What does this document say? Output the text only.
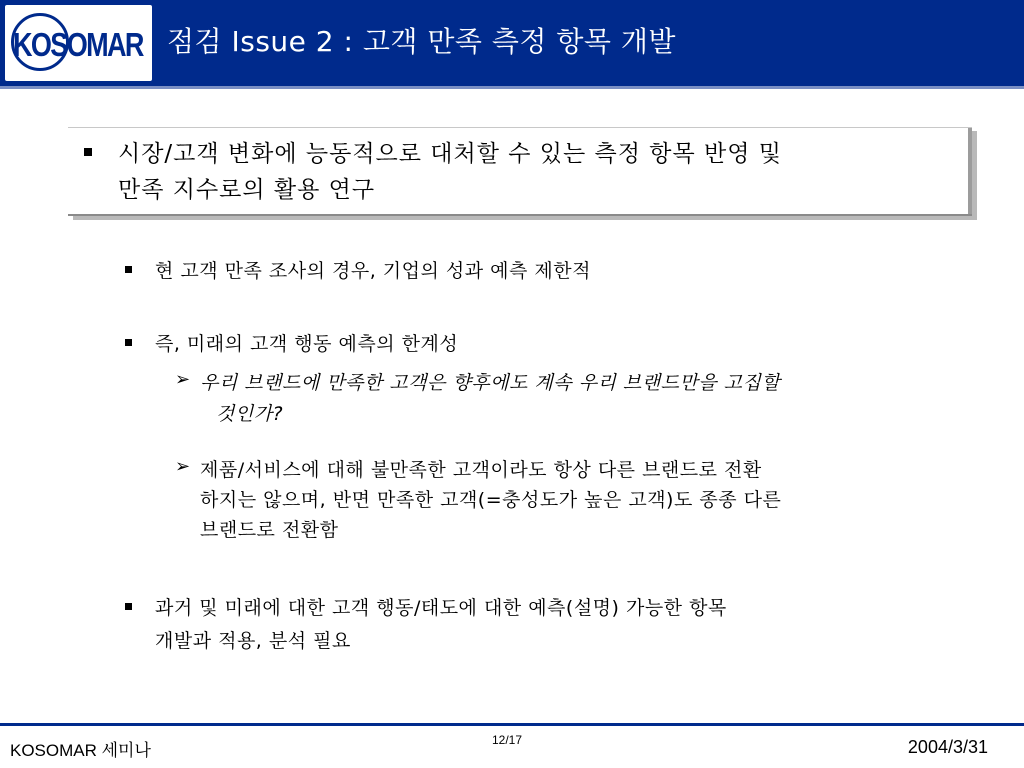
KOSOMAR 점검 Issue 2 : 고객 만족 측정 항목 개발
시장/고객 변화에 능동적으로 대처할 수 있는 측정 항목 반영 및
만족 지수로의 활용 연구
현 고객 만족 조사의 경우, 기업의 성과 예측 제한적
즉, 미래의 고객 행동 예측의 한계성
➢ 우리 브랜드에 만족한 고객은 향후에도 계속 우리 브랜드만을 고집할
것인가?
➢ 제품/서비스에 대해 불만족한 고객이라도 항상 다른 브랜드로 전환
하지는 않으며, 반면 만족한 고객(=충성도가 높은 고객)도 종종 다른
브랜드로 전환함
과거 및 미래에 대한 고객 행동/태도에 대한 예측(설명) 가능한 항목
개발과 적용, 분석 필요
KOSOMAR 세미나
12/17	2004/3/31
